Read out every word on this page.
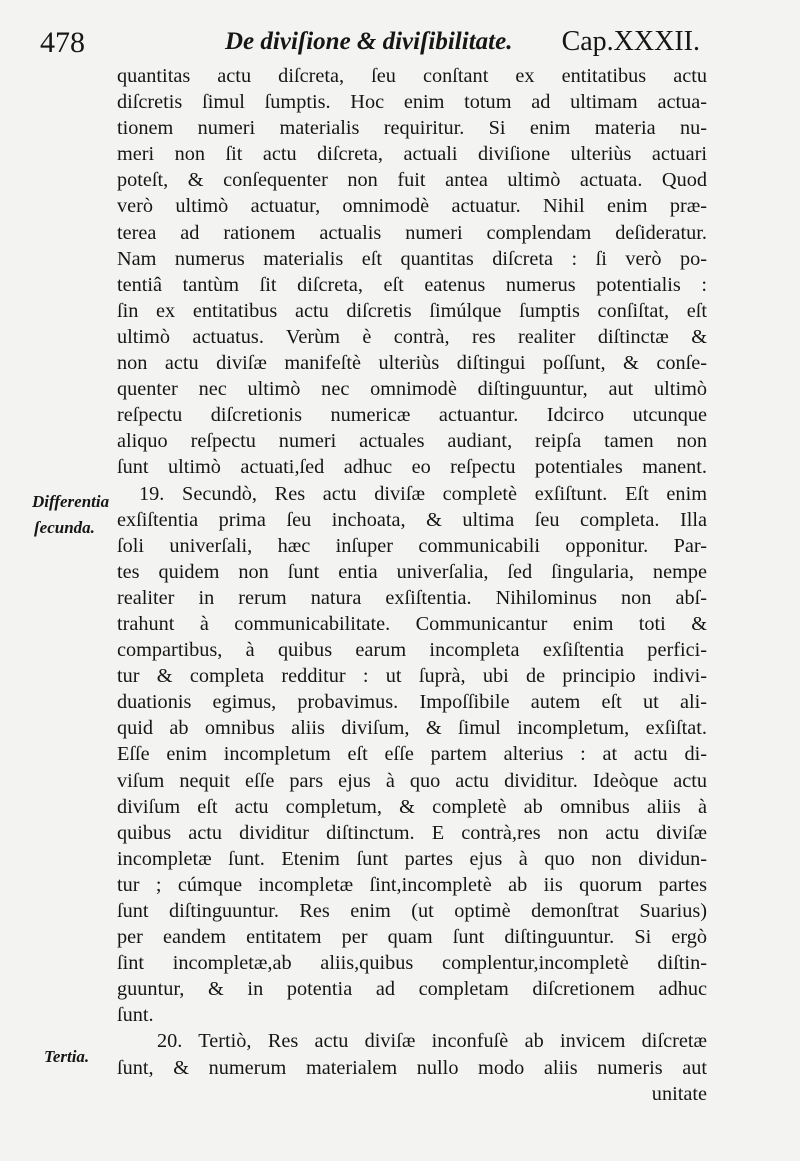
478	De diviſione & diviſibilitate. Cap.XXXII.
Differentia
ſecunda.
Tertia.
quantitas actu diſcreta, ſeu conſtant ex entitatibus actu
diſcretis ſimul ſumptis. Hoc enim totum ad ultimam actua-
tionem numeri materialis requiritur. Si enim materia nu-
meri non ſit actu diſcreta, actuali diviſione ulteriùs actuari
poteſt, & conſequenter non fuit antea ultimò actuata. Quod
verò ultimò actuatur, omnimodè actuatur. Nihil enim præ-
terea ad rationem actualis numeri complendam deſideratur.
Nam numerus materialis eſt quantitas diſcreta : ſi verò po-
tentiâ tantùm ſit diſcreta, eſt eatenus numerus potentialis :
ſin ex entitatibus actu diſcretis ſimúlque ſumptis conſiſtat, eſt
ultimò actuatus. Verùm è contrà, res realiter diſtinctæ &
non actu diviſæ manifeſtè ulteriùs diſtingui poſſunt, & conſe-
quenter nec ultimò nec omnimodè diſtinguuntur, aut ultimò
reſpectu diſcretionis numericæ actuantur. Idcirco utcunque
aliquo reſpectu numeri actuales audiant, reipſa tamen non
ſunt ultimò actuati,ſed adhuc eo reſpectu potentiales manent.
19. Secundò, Res actu diviſæ completè exſiſtunt. Eſt enim
exſiſtentia prima ſeu inchoata, & ultima ſeu completa. Illa
ſoli univerſali, hæc inſuper communicabili opponitur. Par-
tes quidem non ſunt entia univerſalia, ſed ſingularia, nempe
realiter in rerum natura exſiſtentia. Nihilominus non abſ-
trahunt à communicabilitate. Communicantur enim toti &
compartibus, à quibus earum incompleta exſiſtentia perfici-
tur & completa redditur : ut ſuprà, ubi de principio indivi-
duationis egimus, probavimus. Impoſſibile autem eſt ut ali-
quid ab omnibus aliis diviſum, & ſimul incompletum, exſiſtat.
Eſſe enim incompletum eſt eſſe partem alterius : at actu di-
viſum nequit eſſe pars ejus à quo actu dividitur. Ideòque actu
diviſum eſt actu completum, & completè ab omnibus aliis à
quibus actu dividitur diſtinctum. E contrà,res non actu diviſæ
incompletæ ſunt. Etenim ſunt partes ejus à quo non dividun-
tur ; cúmque incompletæ ſint,incompletè ab iis quorum partes
ſunt diſtinguuntur. Res enim (ut optimè demonſtrat Suarius)
per eandem entitatem per quam ſunt diſtinguuntur. Si ergò
ſint incompletæ,ab aliis,quibus complentur,incompletè diſtin-
guuntur, & in potentia ad completam diſcretionem adhuc
ſunt.
20. Tertiò, Res actu diviſæ inconfuſè ab invicem diſcretæ
ſunt, & numerum materialem nullo modo aliis numeris aut
unitate
